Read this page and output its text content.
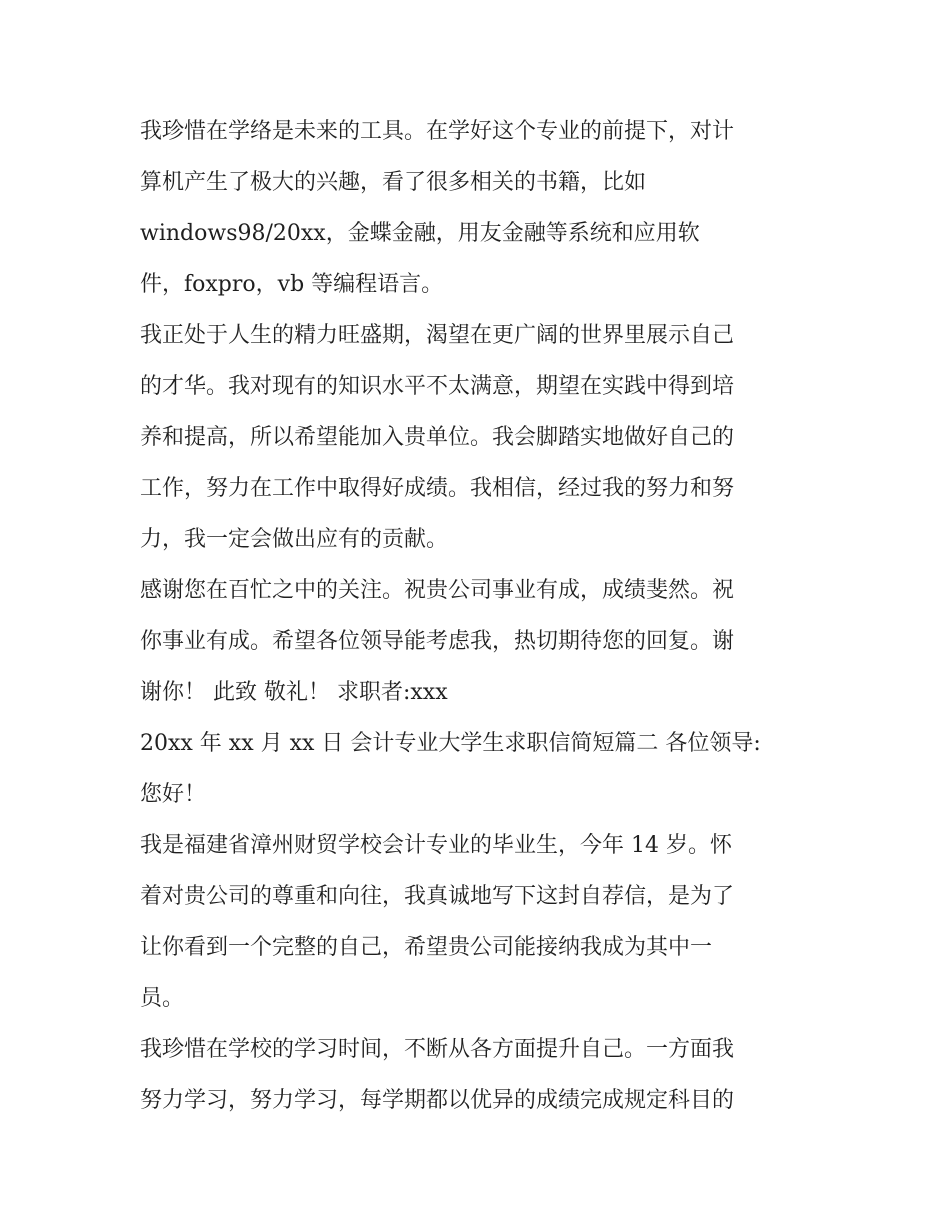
我珍惜在学络是未来的工具。在学好这个专业的前提下，对计
算机产生了极大的兴趣，看了很多相关的书籍，比如
windows98/20xx，金蝶金融，用友金融等系统和应用软
件，foxpro，vb 等编程语言。
我正处于人生的精力旺盛期，渴望在更广阔的世界里展示自己
的才华。我对现有的知识水平不太满意，期望在实践中得到培
养和提高，所以希望能加入贵单位。我会脚踏实地做好自己的
工作，努力在工作中取得好成绩。我相信，经过我的努力和努
力，我一定会做出应有的贡献。
感谢您在百忙之中的关注。祝贵公司事业有成，成绩斐然。祝
你事业有成。希望各位领导能考虑我，热切期待您的回复。谢
谢你！ 此致 敬礼！ 求职者:xxx
20xx 年 xx 月 xx 日 会计专业大学生求职信简短篇二 各位领导:
您好！
我是福建省漳州财贸学校会计专业的毕业生，今年 14 岁。怀
着对贵公司的尊重和向往，我真诚地写下这封自荐信，是为了
让你看到一个完整的自己，希望贵公司能接纳我成为其中一
员。
我珍惜在学校的学习时间，不断从各方面提升自己。一方面我
努力学习，努力学习，每学期都以优异的成绩完成规定科目的
